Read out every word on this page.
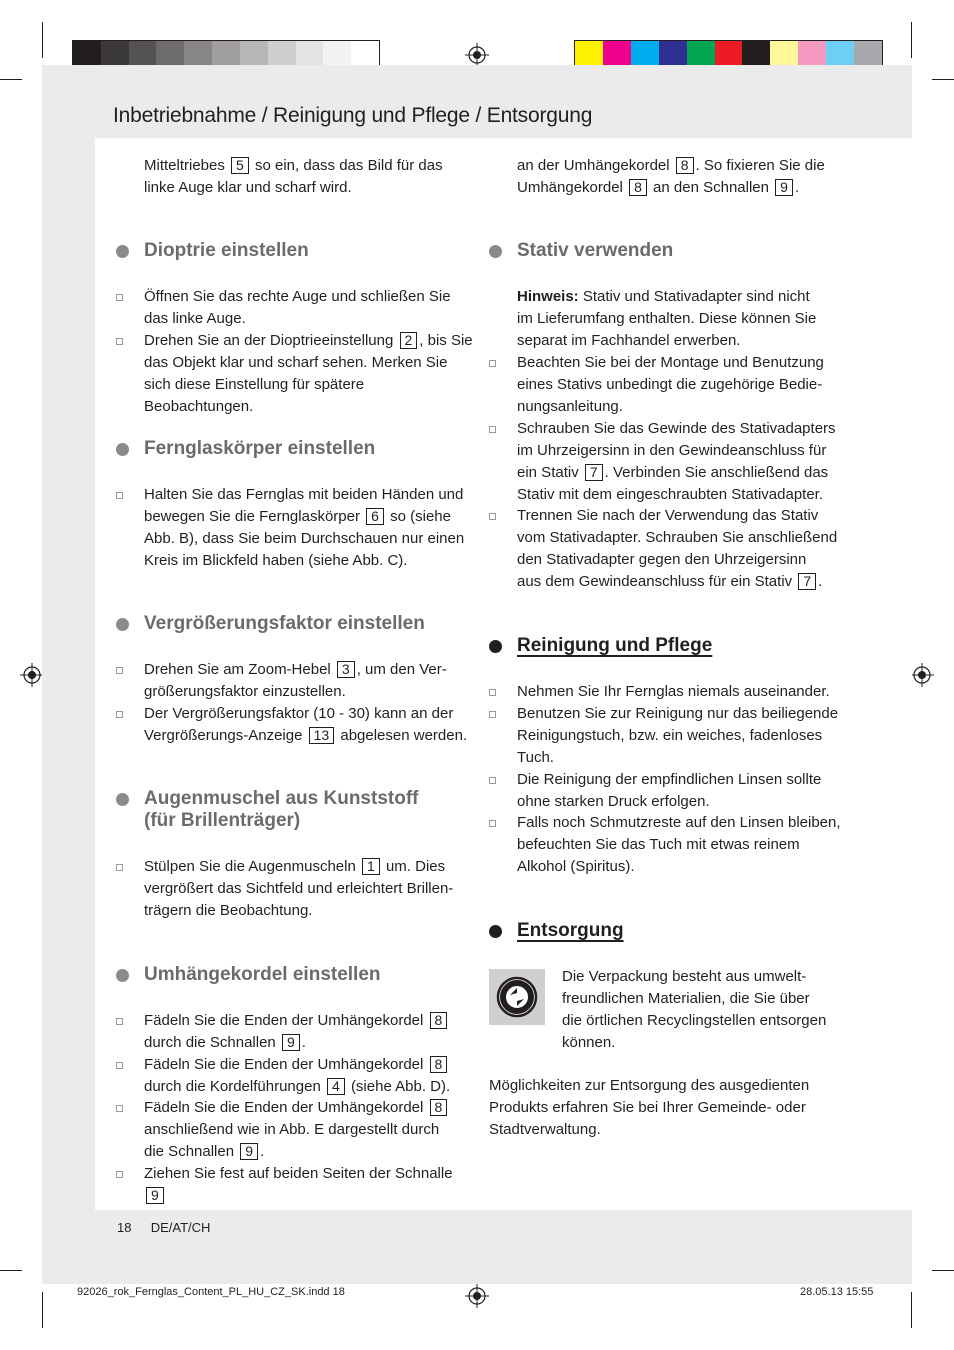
Inbetriebnahme / Reinigung und Pflege / Entsorgung

Mitteltriebes 5 so ein, dass das Bild für das
linke Auge klar und scharf wird.

Dioptrie einstellen

Öffnen Sie das rechte Auge und schließen Sie
das linke Auge.

Drehen Sie an der Dioptrieeinstellung 2 , bis Sie
das Objekt klar und scharf sehen. Merken Sie
sich diese Einstellung für spätere Beobachtungen.

Fernglaskörper einstellen

Halten Sie das Fernglas mit beiden Händen und
bewegen Sie die Fernglaskörper 6 so (siehe
Abb. B), dass Sie beim Durchschauen nur einen
Kreis im Blickfeld haben (siehe Abb. C).

Vergrößerungsfaktor einstellen

Drehen Sie am Zoom-Hebel 3 , um den Ver-
größerungsfaktor einzustellen.

Der Vergrößerungsfaktor (10 - 30) kann an der
Vergrößerungs-Anzeige 13 abgelesen werden.

Augenmuschel aus Kunststoff
(für Brillenträger)

Stülpen Sie die Augenmuscheln 1 um. Dies
vergrößert das Sichtfeld und erleichtert Brillen-
trägern die Beobachtung.

Umhängekordel einstellen

Fädeln Sie die Enden der Umhängekordel 8
durch die Schnallen 9 .

Fädeln Sie die Enden der Umhängekordel 8
durch die Kordelführungen 4 (siehe Abb. D).

Fädeln Sie die Enden der Umhängekordel 8
anschließend wie in Abb. E dargestellt durch
die Schnallen 9 .

Ziehen Sie fest auf beiden Seiten der Schnalle 9

an der Umhängekordel 8 . So fixieren Sie die
Umhängekordel 8 an den Schnallen 9 .

Stativ verwenden

Hinweis: Stativ und Stativadapter sind nicht
im Lieferumfang enthalten. Diese können Sie
separat im Fachhandel erwerben.

Beachten Sie bei der Montage und Benutzung
eines Stativs unbedingt die zugehörige Bedie-
nungsanleitung.

Schrauben Sie das Gewinde des Stativadapters
im Uhrzeigersinn in den Gewindeanschluss für
ein Stativ 7 . Verbinden Sie anschließend das
Stativ mit dem eingeschraubten Stativadapter.

Trennen Sie nach der Verwendung das Stativ
vom Stativadapter. Schrauben Sie anschließend
den Stativadapter gegen den Uhrzeigersinn
aus dem Gewindeanschluss für ein Stativ 7 .

Reinigung und Pflege

Nehmen Sie Ihr Fernglas niemals auseinander.

Benutzen Sie zur Reinigung nur das beiliegende
Reinigungstuch, bzw. ein weiches, fadenloses
Tuch.

Die Reinigung der empfindlichen Linsen sollte
ohne starken Druck erfolgen.

Falls noch Schmutzreste auf den Linsen bleiben,
befeuchten Sie das Tuch mit etwas reinem
Alkohol (Spiritus).

Entsorgung

Die Verpackung besteht aus umwelt-
freundlichen Materialien, die Sie über
die örtlichen Recyclingstellen entsorgen
können.

Möglichkeiten zur Entsorgung des ausgedienten
Produkts erfahren Sie bei Ihrer Gemeinde- oder
Stadtverwaltung.

18 DE/AT/CH
92026_rok_Fernglas_Content_PL_HU_CZ_SK.indd 18	28.05.13 15:55
